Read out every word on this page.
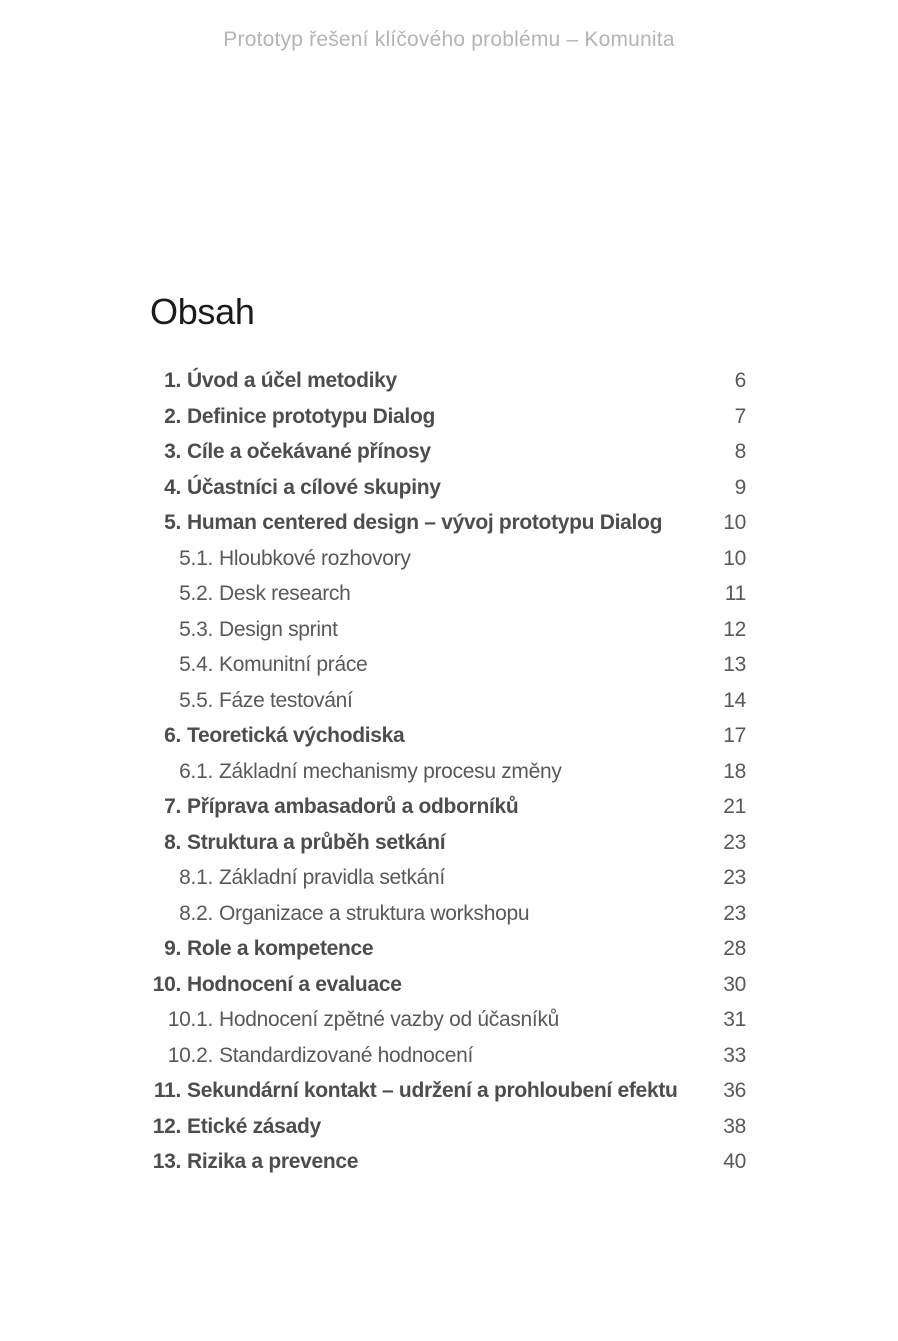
Prototyp řešení klíčového problému – Komunita
Obsah
1. Úvod a účel metodiky	6
2. Definice prototypu Dialog	7
3. Cíle a očekávané přínosy	8
4. Účastníci a cílové skupiny	9
5. Human centered design – vývoj prototypu Dialog	10
5.1. Hloubkové rozhovory	10
5.2. Desk research	11
5.3. Design sprint	12
5.4. Komunitní práce	13
5.5. Fáze testování	14
6. Teoretická východiska	17
6.1. Základní mechanismy procesu změny	18
7. Příprava ambasadorů a odborníků	21
8. Struktura a průběh setkání	23
8.1. Základní pravidla setkání	23
8.2. Organizace a struktura workshopu	23
9. Role a kompetence	28
10. Hodnocení a evaluace	30
10.1. Hodnocení zpětné vazby od účasníků	31
10.2. Standardizované hodnocení	33
11. Sekundární kontakt – udržení a prohloubení efektu	36
12. Etické zásady	38
13. Rizika a prevence	40
